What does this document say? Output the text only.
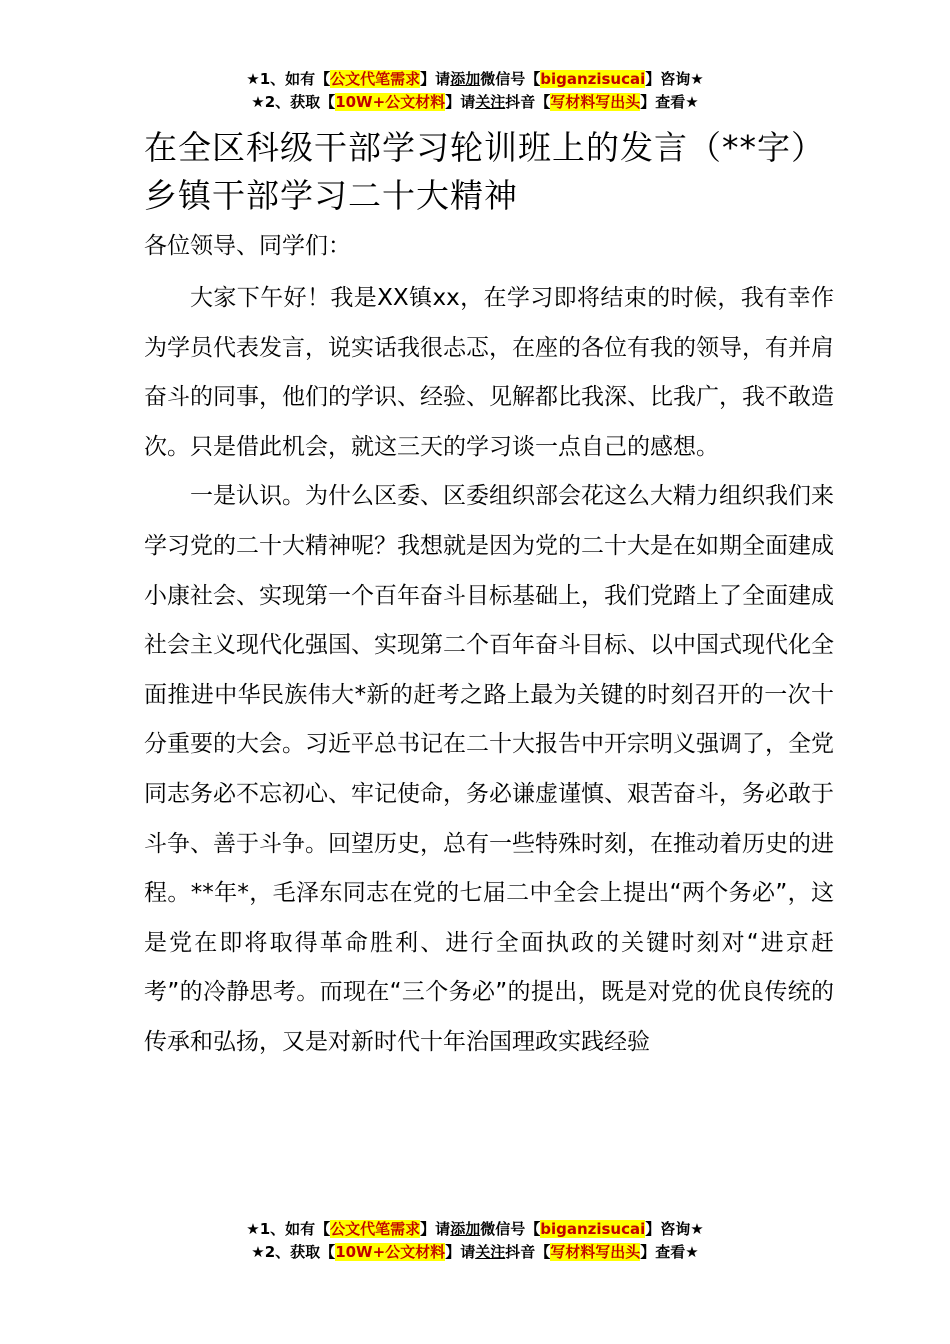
★1、如有【公文代笔需求】请添加微信号【biganzisucai】咨询★
★2、获取【10W+公文材料】请关注抖音【写材料写出头】查看★
在全区科级干部学习轮训班上的发言（**字）乡镇干部学习二十大精神

各位领导、同学们：

大家下午好！我是XX镇xx，在学习即将结束的时候，我有幸作为学员代表发言，说实话我很忐忑，在座的各位有我的领导，有并肩奋斗的同事，他们的学识、经验、见解都比我深、比我广，我不敢造次。只是借此机会，就这三天的学习谈一点自己的感想。

一是认识。为什么区委、区委组织部会花这么大精力组织我们来学习党的二十大精神呢？我想就是因为党的二十大是在如期全面建成小康社会、实现第一个百年奋斗目标基础上，我们党踏上了全面建成社会主义现代化强国、实现第二个百年奋斗目标、以中国式现代化全面推进中华民族伟大*新的赶考之路上最为关键的时刻召开的一次十分重要的大会。习近平总书记在二十大报告中开宗明义强调了，全党同志务必不忘初心、牢记使命，务必谦虚谨慎、艰苦奋斗，务必敢于斗争、善于斗争。回望历史，总有一些特殊时刻，在推动着历史的进程。**年*，毛泽东同志在党的七届二中全会上提出“两个务必”，这是党在即将取得革命胜利、进行全面执政的关键时刻对“进京赶考”的冷静思考。而现在“三个务必”的提出，既是对党的优良传统的传承和弘扬，又是对新时代十年治国理政实践经验

★1、如有【公文代笔需求】请添加微信号【biganzisucai】咨询★
★2、获取【10W+公文材料】请关注抖音【写材料写出头】查看★
